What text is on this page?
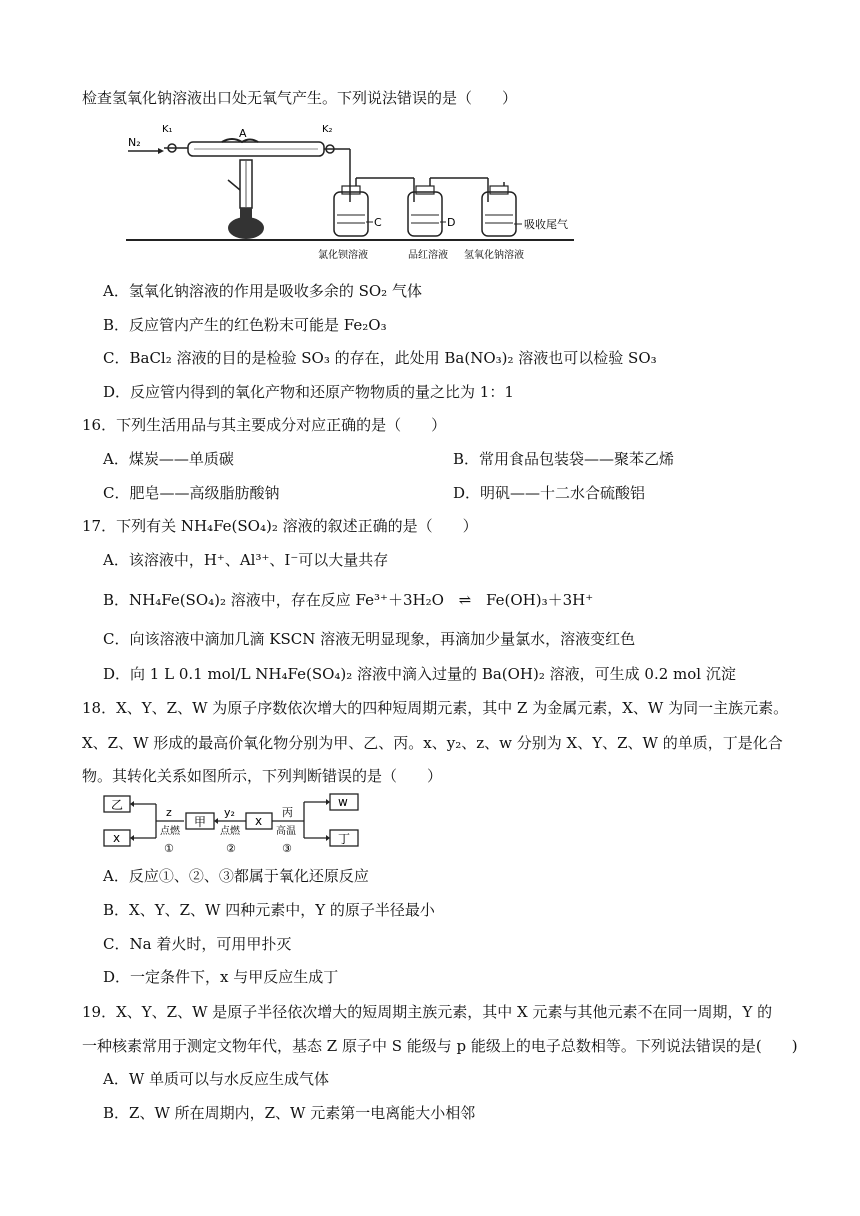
检查氢氧化钠溶液出口处无氧气产生。下列说法错误的是（　　）
N₂
K₁	A	K₂
C	D	吸收尾气
氯化钡溶液	品红溶液 氢氧化钠溶液
A．氢氧化钠溶液的作用是吸收多余的 SO₂ 气体
B．反应管内产生的红色粉末可能是 Fe₂O₃
C．BaCl₂ 溶液的目的是检验 SO₃ 的存在，此处用 Ba(NO₃)₂ 溶液也可以检验 SO₃
D．反应管内得到的氧化产物和还原产物物质的量之比为 1：1
16．下列生活用品与其主要成分对应正确的是（　　）
A．煤炭——单质碳	B．常用食品包装袋——聚苯乙烯
C．肥皂——高级脂肪酸钠	D．明矾——十二水合硫酸铝
17．下列有关 NH₄Fe(SO₄)₂ 溶液的叙述正确的是（　　）
A．该溶液中，H⁺、Al³⁺、I⁻可以大量共存
B．NH₄Fe(SO₄)₂ 溶液中，存在反应 Fe³⁺＋3H₂O ⇌ Fe(OH)₃＋3H⁺
C．向该溶液中滴加几滴 KSCN 溶液无明显现象，再滴加少量氯水，溶液变红色
D．向 1 L 0.1 mol/L NH₄Fe(SO₄)₂ 溶液中滴入过量的 Ba(OH)₂ 溶液，可生成 0.2 mol 沉淀
18．X、Y、Z、W 为原子序数依次增大的四种短周期元素，其中 Z 为金属元素，X、W 为同一主族元素。
X、Z、W 形成的最高价氧化物分别为甲、乙、丙。x、y₂、z、w 分别为 X、Y、Z、W 的单质，丁是化合
物。其转化关系如图所示，下列判断错误的是（　　）
乙
x
z
点燃
①
甲
y₂
点燃
②
x
丙
高温
③
w
丁
A．反应①、②、③都属于氧化还原反应
B．X、Y、Z、W 四种元素中，Y 的原子半径最小
C．Na 着火时，可用甲扑灭
D．一定条件下，x 与甲反应生成丁
19．X、Y、Z、W 是原子半径依次增大的短周期主族元素，其中 X 元素与其他元素不在同一周期，Y 的
一种核素常用于测定文物年代，基态 Z 原子中 S 能级与 p 能级上的电子总数相等。下列说法错误的是(　　)
A．W 单质可以与水反应生成气体
B．Z、W 所在周期内，Z、W 元素第一电离能大小相邻
